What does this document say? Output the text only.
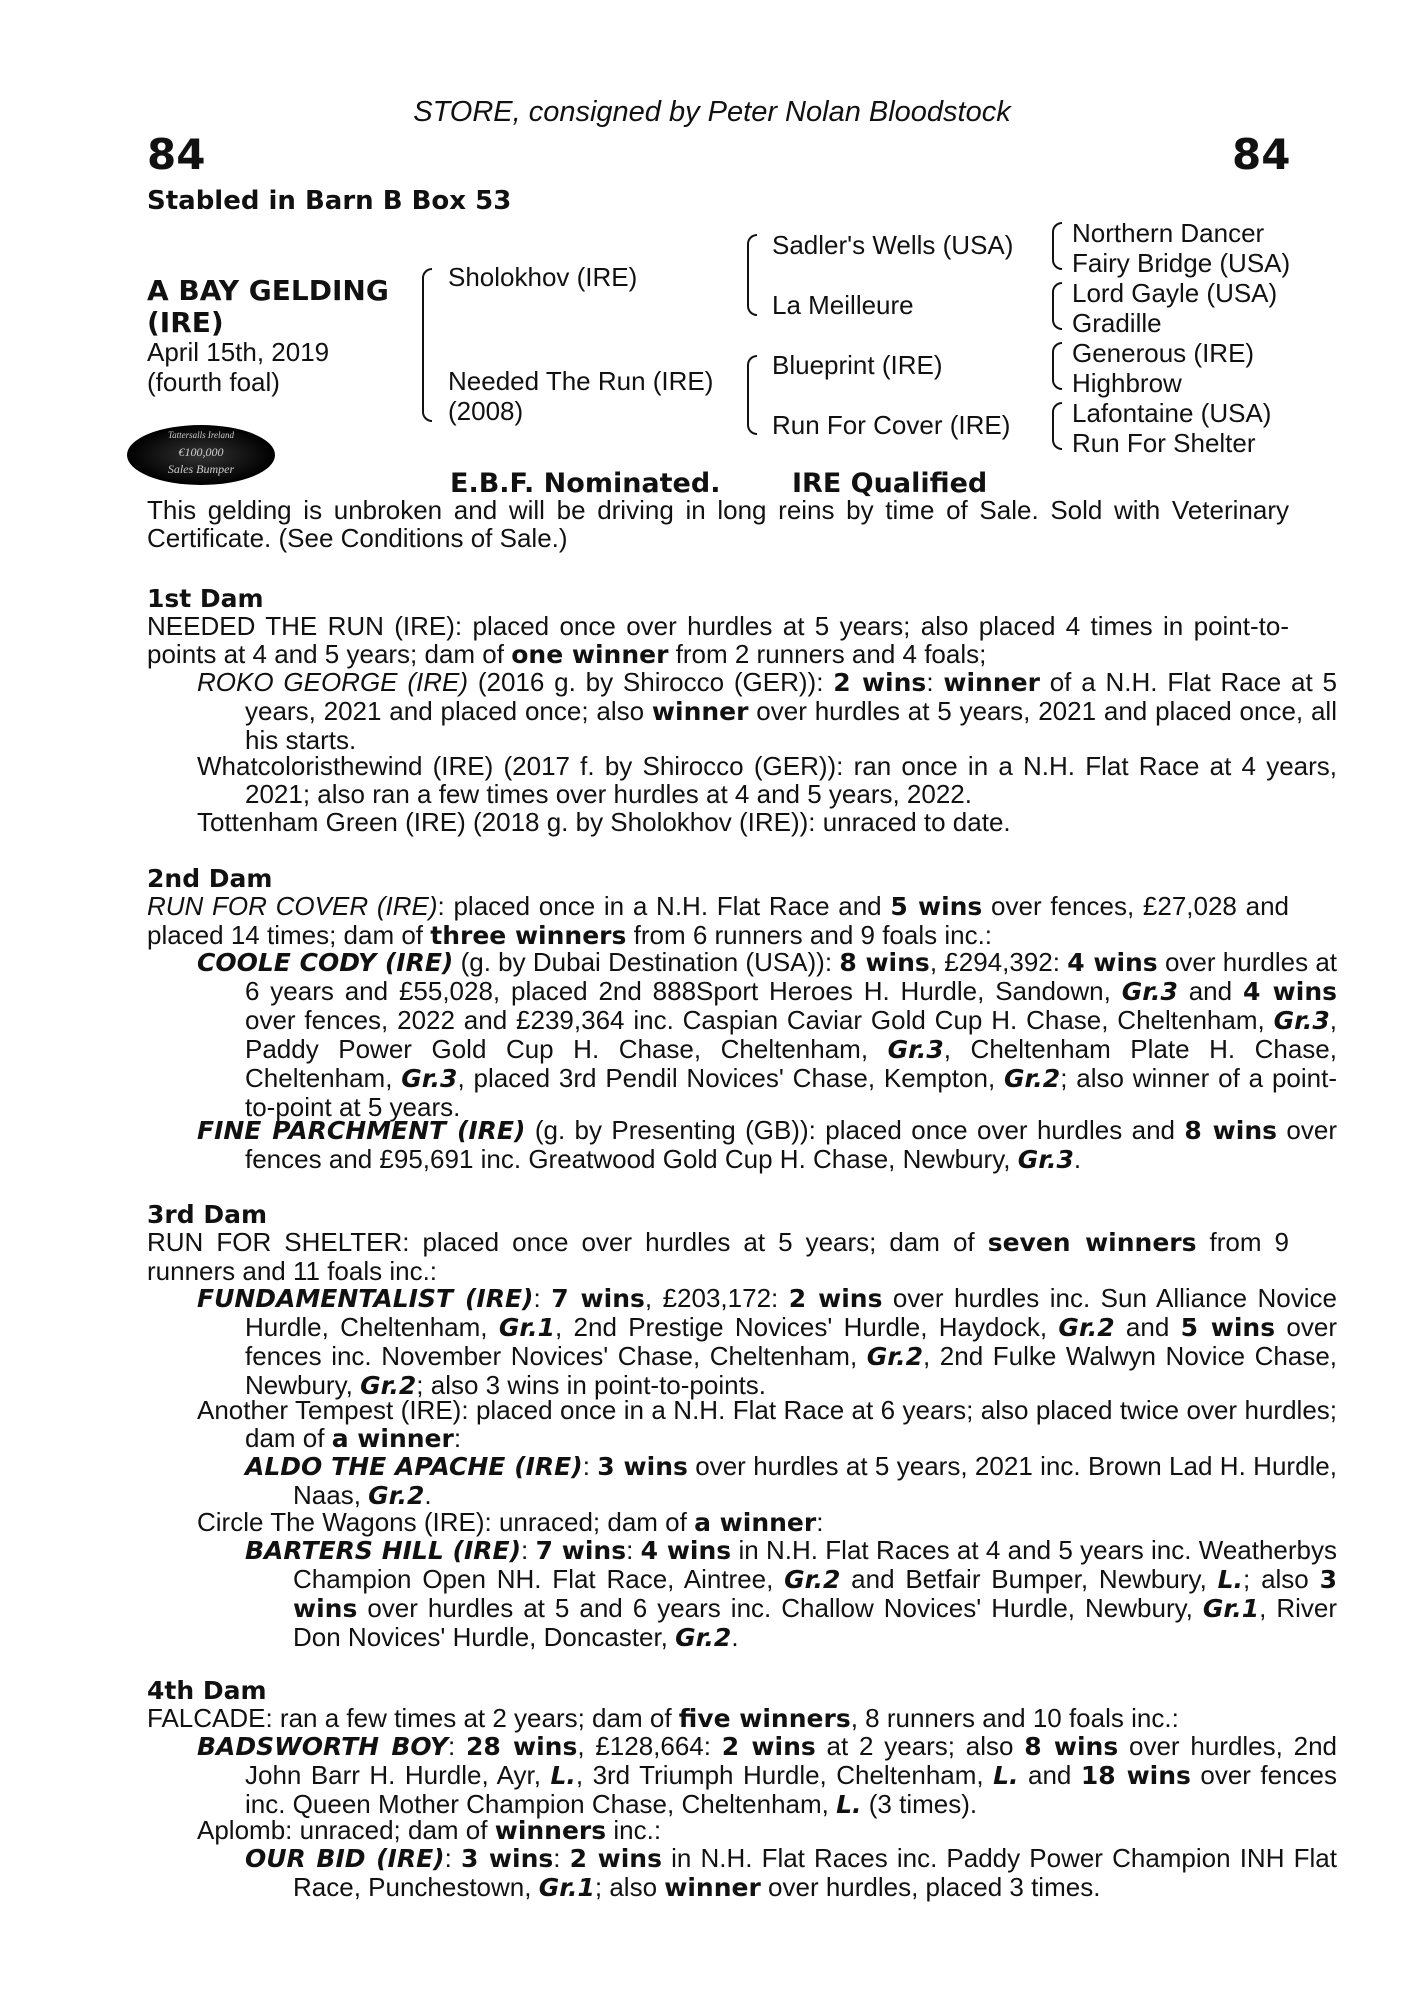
STORE, consigned by Peter Nolan Bloodstock
84	84
Stabled in Barn B Box 53
A BAY GELDING (IRE)
April 15th, 2019
(fourth foal)
Sholokhov (IRE)
Needed The Run (IRE)
(2008)
Sadler's Wells (USA)
La Meilleure
Blueprint (IRE)
Run For Cover (IRE)
Northern Dancer
Fairy Bridge (USA)
Lord Gayle (USA)
Gradille
Generous (IRE)
Highbrow
Lafontaine (USA)
Run For Shelter
Tattersalls Ireland
€100,000
Sales Bumper	E.B.F. Nominated.	IRE Qualified
This gelding is unbroken and will be driving in long reins by time of Sale. Sold with Veterinary Certificate. (See Conditions of Sale.)
1st Dam
NEEDED THE RUN (IRE): placed once over hurdles at 5 years; also placed 4 times in point-to-points at 4 and 5 years; dam of one winner from 2 runners and 4 foals;
ROKO GEORGE (IRE) (2016 g. by Shirocco (GER)): 2 wins: winner of a N.H. Flat Race at 5 years, 2021 and placed once; also winner over hurdles at 5 years, 2021 and placed once, all his starts.
Whatcoloristhewind (IRE) (2017 f. by Shirocco (GER)): ran once in a N.H. Flat Race at 4 years, 2021; also ran a few times over hurdles at 4 and 5 years, 2022.
Tottenham Green (IRE) (2018 g. by Sholokhov (IRE)): unraced to date.
2nd Dam
RUN FOR COVER (IRE): placed once in a N.H. Flat Race and 5 wins over fences, £27,028 and placed 14 times; dam of three winners from 6 runners and 9 foals inc.:
COOLE CODY (IRE) (g. by Dubai Destination (USA)): 8 wins, £294,392: 4 wins over hurdles at 6 years and £55,028, placed 2nd 888Sport Heroes H. Hurdle, Sandown, Gr.3 and 4 wins over fences, 2022 and £239,364 inc. Caspian Caviar Gold Cup H. Chase, Cheltenham, Gr.3, Paddy Power Gold Cup H. Chase, Cheltenham, Gr.3, Cheltenham Plate H. Chase, Cheltenham, Gr.3, placed 3rd Pendil Novices' Chase, Kempton, Gr.2; also winner of a point-to-point at 5 years.
FINE PARCHMENT (IRE) (g. by Presenting (GB)): placed once over hurdles and 8 wins over fences and £95,691 inc. Greatwood Gold Cup H. Chase, Newbury, Gr.3.
3rd Dam
RUN FOR SHELTER: placed once over hurdles at 5 years; dam of seven winners from 9 runners and 11 foals inc.:
FUNDAMENTALIST (IRE): 7 wins, £203,172: 2 wins over hurdles inc. Sun Alliance Novice Hurdle, Cheltenham, Gr.1, 2nd Prestige Novices' Hurdle, Haydock, Gr.2 and 5 wins over fences inc. November Novices' Chase, Cheltenham, Gr.2, 2nd Fulke Walwyn Novice Chase, Newbury, Gr.2; also 3 wins in point-to-points.
Another Tempest (IRE): placed once in a N.H. Flat Race at 6 years; also placed twice over hurdles; dam of a winner:
ALDO THE APACHE (IRE): 3 wins over hurdles at 5 years, 2021 inc. Brown Lad H. Hurdle, Naas, Gr.2.
Circle The Wagons (IRE): unraced; dam of a winner:
BARTERS HILL (IRE): 7 wins: 4 wins in N.H. Flat Races at 4 and 5 years inc. Weatherbys Champion Open NH. Flat Race, Aintree, Gr.2 and Betfair Bumper, Newbury, L.; also 3 wins over hurdles at 5 and 6 years inc. Challow Novices' Hurdle, Newbury, Gr.1, River Don Novices' Hurdle, Doncaster, Gr.2.
4th Dam
FALCADE: ran a few times at 2 years; dam of five winners, 8 runners and 10 foals inc.:
BADSWORTH BOY: 28 wins, £128,664: 2 wins at 2 years; also 8 wins over hurdles, 2nd John Barr H. Hurdle, Ayr, L., 3rd Triumph Hurdle, Cheltenham, L. and 18 wins over fences inc. Queen Mother Champion Chase, Cheltenham, L. (3 times).
Aplomb: unraced; dam of winners inc.:
OUR BID (IRE): 3 wins: 2 wins in N.H. Flat Races inc. Paddy Power Champion INH Flat Race, Punchestown, Gr.1; also winner over hurdles, placed 3 times.
